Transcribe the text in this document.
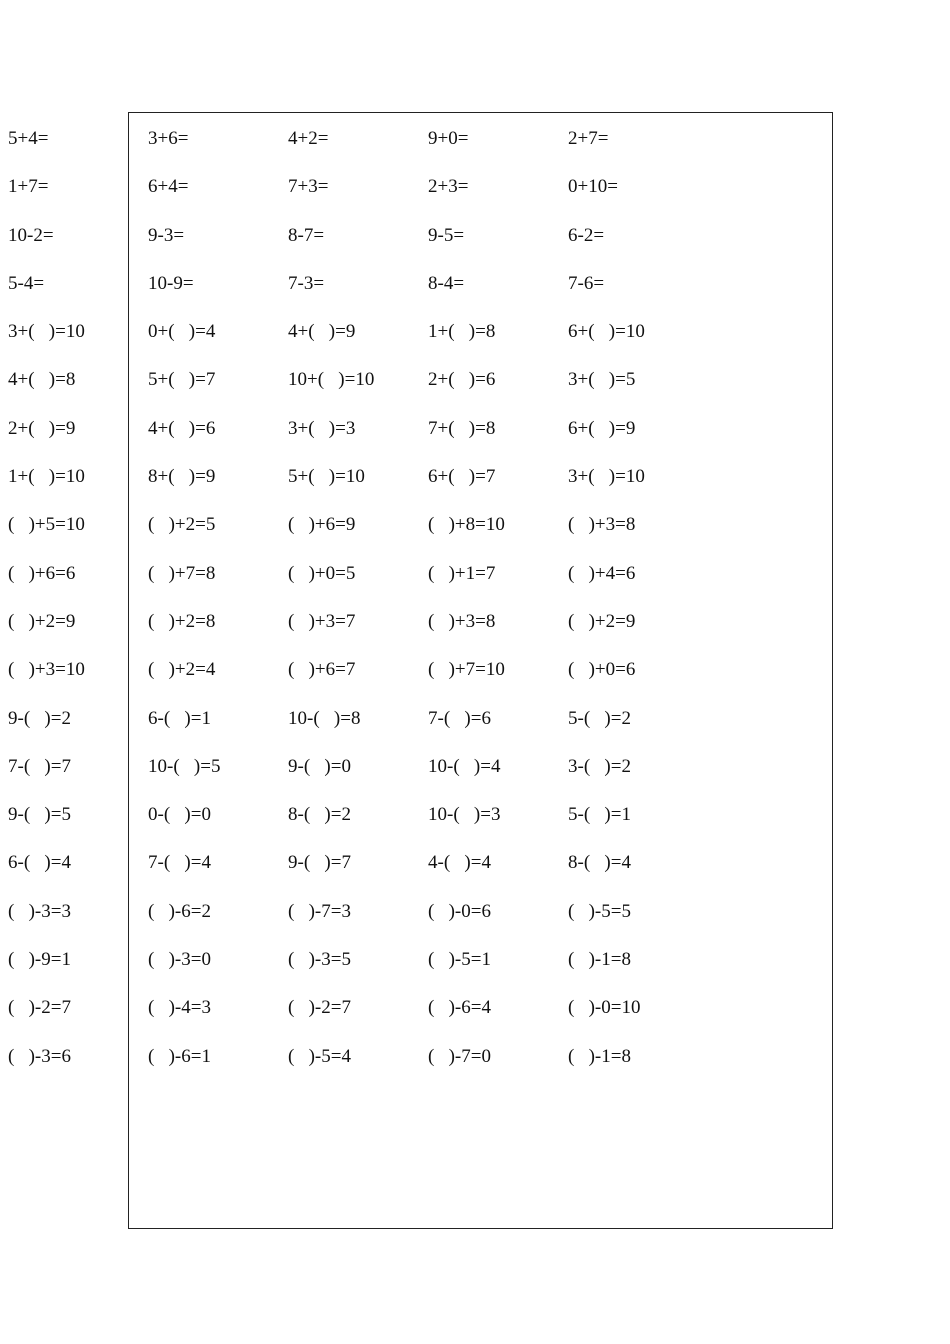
5+4=	3+6=	4+2=	9+0=	2+7=
1+7=	6+4=	7+3=	2+3=	0+10=
10-2=	9-3=	8-7=	9-5=	6-2=
5-4=	10-9=	7-3=	8-4=	7-6=
3+(   )=10	0+(   )=4	4+(   )=9	1+(   )=8	6+(   )=10
4+(   )=8	5+(   )=7	10+(   )=10	2+(   )=6	3+(   )=5
2+(   )=9	4+(   )=6	3+(   )=3	7+(   )=8	6+(   )=9
1+(   )=10	8+(   )=9	5+(   )=10	6+(   )=7	3+(   )=10
(   )+5=10	(   )+2=5	(   )+6=9	(   )+8=10	(   )+3=8
(   )+6=6	(   )+7=8	(   )+0=5	(   )+1=7	(   )+4=6
(   )+2=9	(   )+2=8	(   )+3=7	(   )+3=8	(   )+2=9
(   )+3=10	(   )+2=4	(   )+6=7	(   )+7=10	(   )+0=6
9-(   )=2	6-(   )=1	10-(   )=8	7-(   )=6	5-(   )=2
7-(   )=7	10-(   )=5	9-(   )=0	10-(   )=4	3-(   )=2
9-(   )=5	0-(   )=0	8-(   )=2	10-(   )=3	5-(   )=1
6-(   )=4	7-(   )=4	9-(   )=7	4-(   )=4	8-(   )=4
(   )-3=3	(   )-6=2	(   )-7=3	(   )-0=6	(   )-5=5
(   )-9=1	(   )-3=0	(   )-3=5	(   )-5=1	(   )-1=8
(   )-2=7	(   )-4=3	(   )-2=7	(   )-6=4	(   )-0=10
(   )-3=6	(   )-6=1	(   )-5=4	(   )-7=0	(   )-1=8
